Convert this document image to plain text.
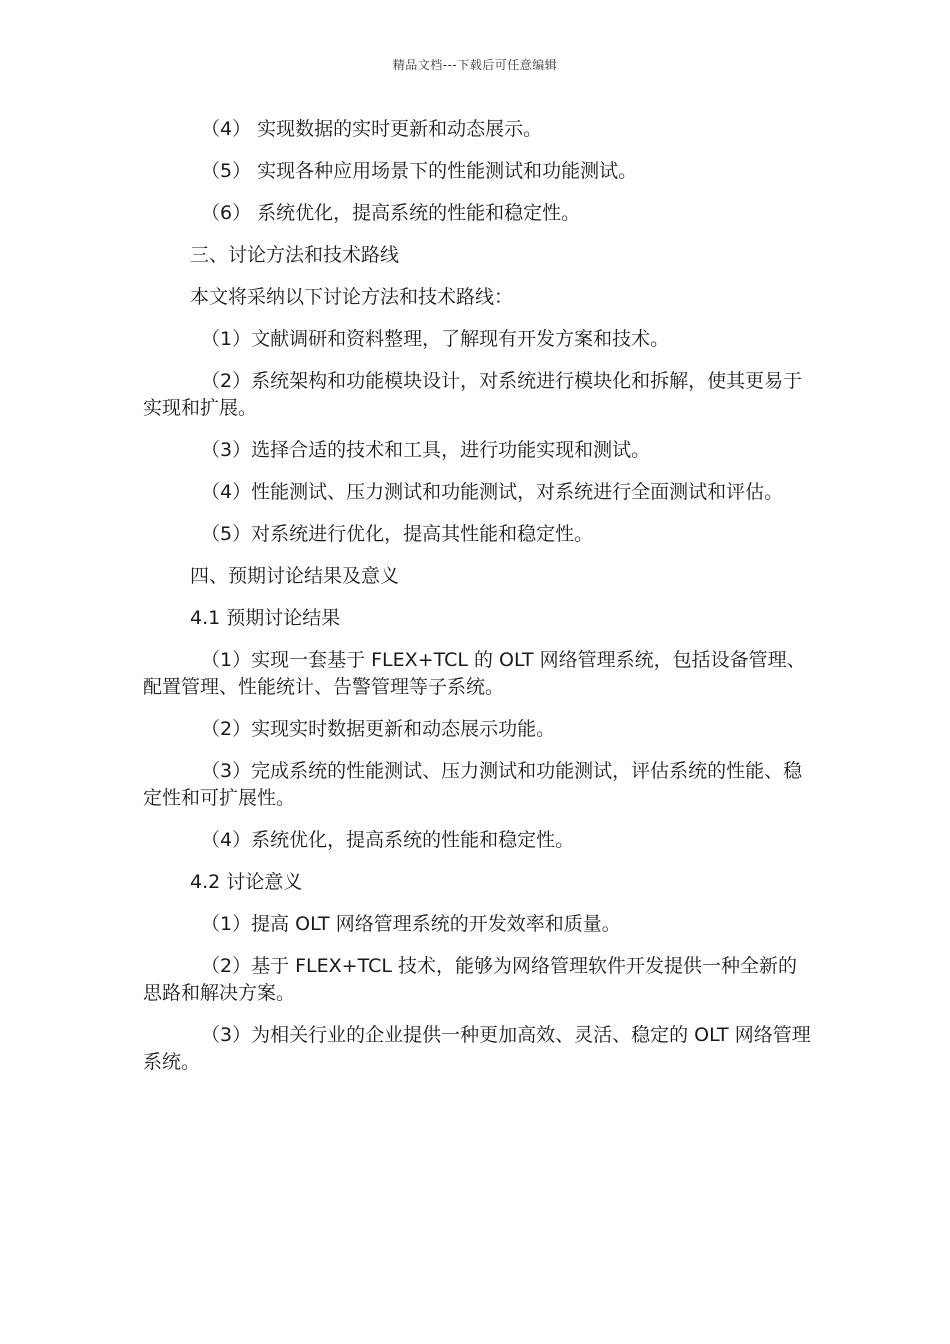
精品文档---下载后可任意编辑

（4） 实现数据的实时更新和动态展示。

（5） 实现各种应用场景下的性能测试和功能测试。

（6） 系统优化，提高系统的性能和稳定性。

三、讨论方法和技术路线

本文将采纳以下讨论方法和技术路线：

（1）文献调研和资料整理，了解现有开发方案和技术。

（2）系统架构和功能模块设计，对系统进行模块化和拆解，使其更易于实现和扩展。

（3）选择合适的技术和工具，进行功能实现和测试。

（4）性能测试、压力测试和功能测试，对系统进行全面测试和评估。

（5）对系统进行优化，提高其性能和稳定性。

四、预期讨论结果及意义

4.1 预期讨论结果

（1）实现一套基于 FLEX+TCL 的 OLT 网络管理系统，包括设备管理、配置管理、性能统计、告警管理等子系统。

（2）实现实时数据更新和动态展示功能。

（3）完成系统的性能测试、压力测试和功能测试，评估系统的性能、稳定性和可扩展性。

（4）系统优化，提高系统的性能和稳定性。

4.2 讨论意义

（1）提高 OLT 网络管理系统的开发效率和质量。

（2）基于 FLEX+TCL 技术，能够为网络管理软件开发提供一种全新的思路和解决方案。

（3）为相关行业的企业提供一种更加高效、灵活、稳定的 OLT 网络管理系统。
